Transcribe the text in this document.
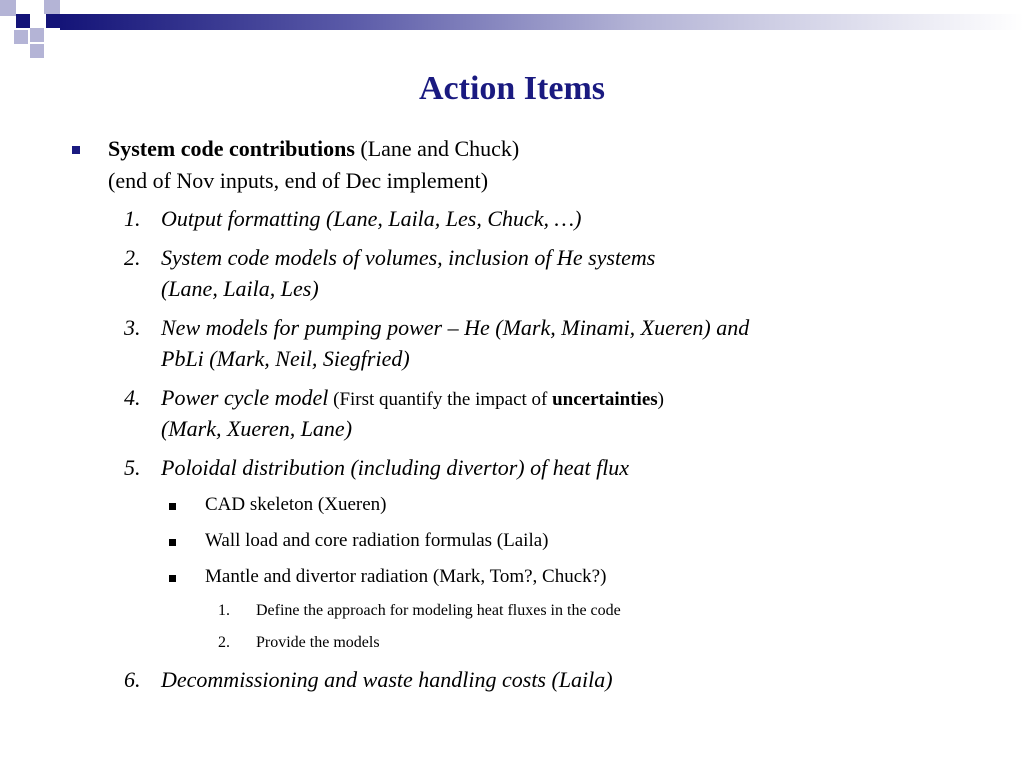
Action Items
System code contributions (Lane and Chuck)
(end of Nov inputs, end of Dec implement)
1. Output formatting (Lane, Laila, Les, Chuck, …)
2. System code models of volumes, inclusion of He systems
(Lane, Laila, Les)
3. New models for pumping power – He (Mark, Minami, Xueren) and
PbLi (Mark, Neil, Siegfried)
4. Power cycle model (First quantify the impact of uncertainties)
(Mark, Xueren, Lane)
5. Poloidal distribution (including divertor) of heat flux
CAD skeleton (Xueren)
Wall load and core radiation formulas (Laila)
Mantle and divertor radiation (Mark, Tom?, Chuck?)
1. Define the approach for modeling heat fluxes in the code
2. Provide the models
6. Decommissioning and waste handling costs (Laila)
